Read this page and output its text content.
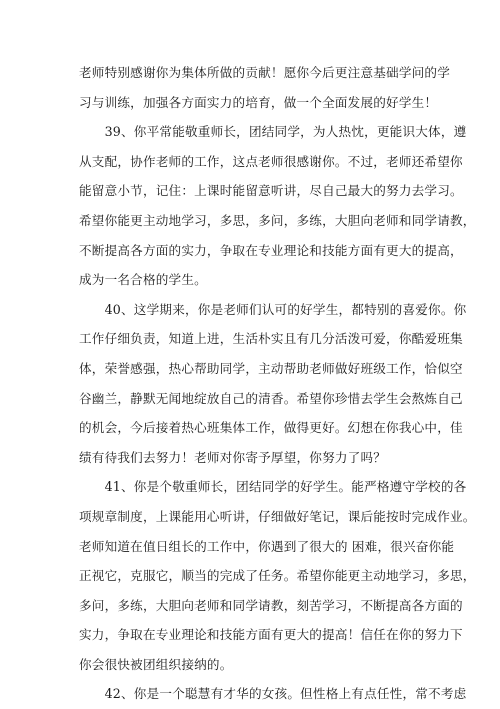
老师特别感谢你为集体所做的贡献！愿你今后更注意基础学问的学
习与训练，加强各方面实力的培育，做一个全面发展的好学生！
　　39、你平常能敬重师长，团结同学，为人热忱，更能识大体，遵
从支配，协作老师的工作，这点老师很感谢你。不过，老师还希望你
能留意小节，记住：上课时能留意听讲，尽自己最大的努力去学习。
希望你能更主动地学习，多思，多问，多练，大胆向老师和同学请教，
不断提高各方面的实力，争取在专业理论和技能方面有更大的提高，
成为一名合格的学生。
　　40、这学期来，你是老师们认可的好学生，都特别的喜爱你。你
工作仔细负责，知道上进，生活朴实且有几分活泼可爱，你酷爱班集
体，荣誉感强，热心帮助同学，主动帮助老师做好班级工作，恰似空
谷幽兰，静默无闻地绽放自己的清香。希望你珍惜去学生会熬炼自己
的机会，今后接着热心班集体工作，做得更好。幻想在你我心中，佳
绩有待我们去努力！老师对你寄予厚望，你努力了吗？
　　41、你是个敬重师长，团结同学的好学生。能严格遵守学校的各
项规章制度，上课能用心听讲，仔细做好笔记，课后能按时完成作业。
老师知道在值日组长的工作中，你遇到了很大的 困难，很兴奋你能
正视它，克服它，顺当的完成了任务。希望你能更主动地学习，多思，
多问，多练，大胆向老师和同学请教，刻苦学习，不断提高各方面的
实力，争取在专业理论和技能方面有更大的提高！信任在你的努力下
你会很快被团组织接纳的。
　　42、你是一个聪慧有才华的女孩。但性格上有点任性，常不考虑
